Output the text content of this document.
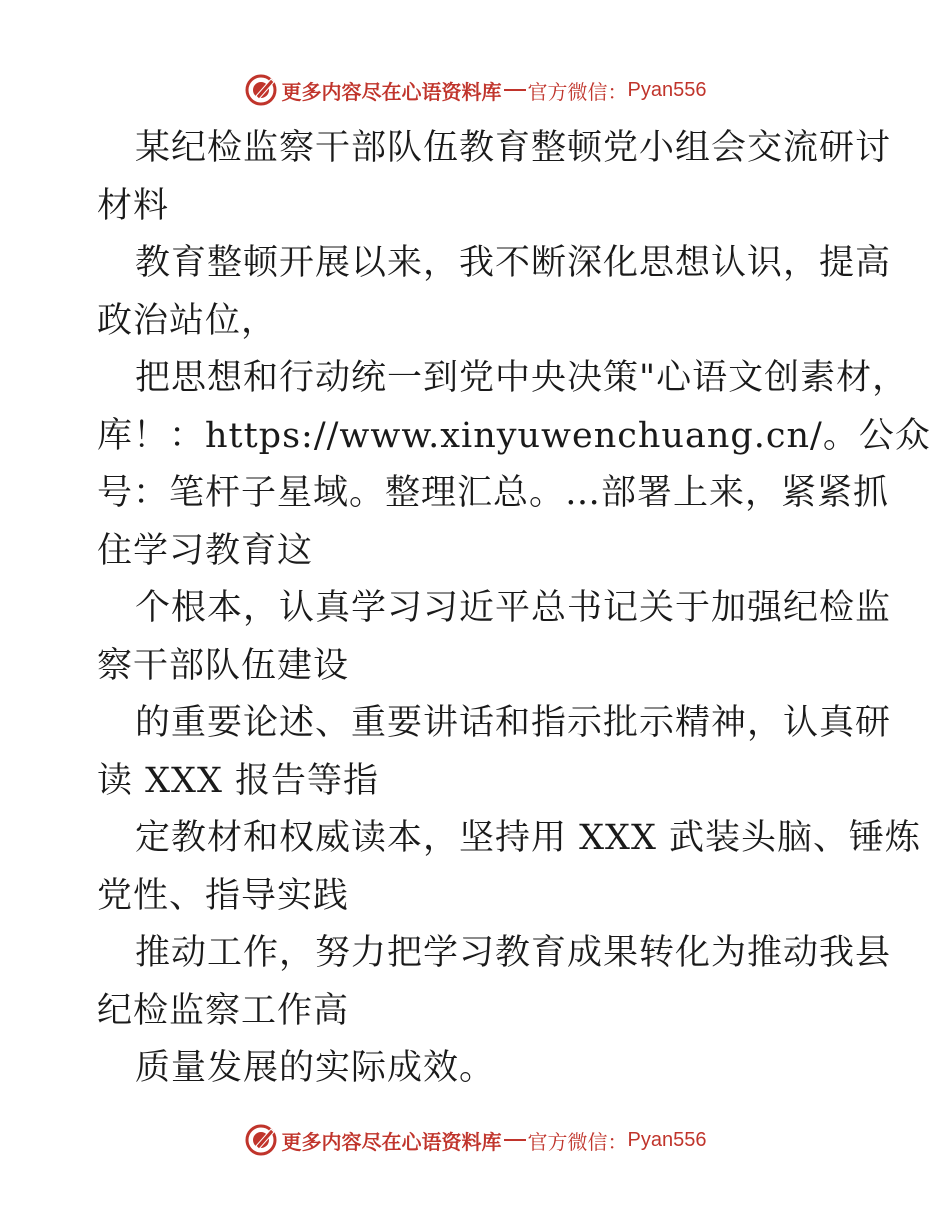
更多内容尽在心语资料库 官方微信： Pyan556
某纪检监察干部队伍教育整顿党小组会交流研讨
材料
教育整顿开展以来，我不断深化思想认识，提高
政治站位，
把思想和行动统一到党中央决策"心语文创素材，
库！：https://www.xinyuwenchuang.cn/。公众
号：笔杆子星域。整理汇总。…部署上来，紧紧抓
住学习教育这
个根本，认真学习习近平总书记关于加强纪检监
察干部队伍建设
的重要论述、重要讲话和指示批示精神，认真研
读 XXX 报告等指
定教材和权威读本，坚持用 XXX 武装头脑、锤炼
党性、指导实践
推动工作，努力把学习教育成果转化为推动我县
纪检监察工作高
质量发展的实际成效。
更多内容尽在心语资料库 官方微信： Pyan556
